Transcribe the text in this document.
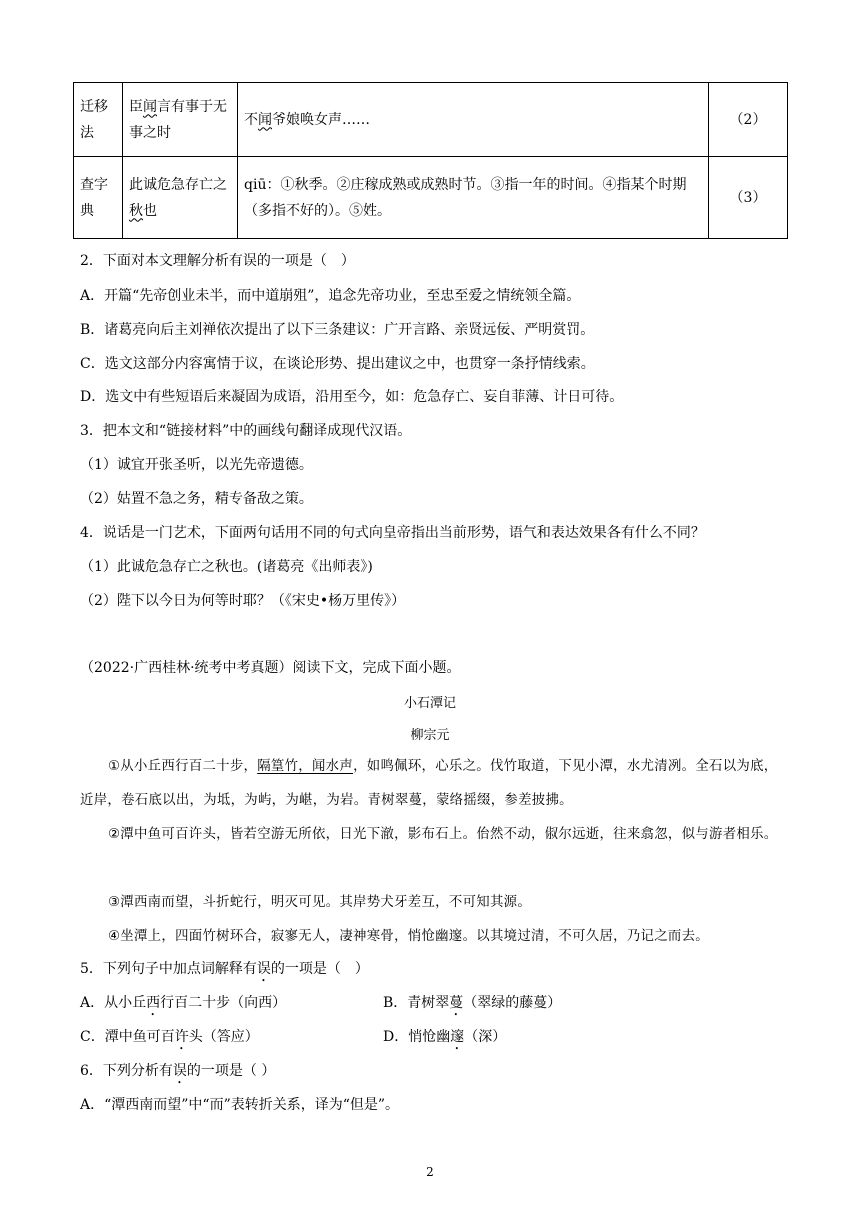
迁移法	臣闻言有事于无事之时	不闻爷娘唤女声……	（2）
查字典	此诚危急存亡之秋也	qiū：①秋季。②庄稼成熟或成熟时节。③指一年的时间。④指某个时期（多指不好的）。⑤姓。	（3）
2．下面对本文理解分析有误的一项是（　）
A．开篇“先帝创业未半，而中道崩殂”，追念先帝功业，至忠至爱之情统领全篇。
B．诸葛亮向后主刘禅依次提出了以下三条建议：广开言路、亲贤远佞、严明赏罚。
C．选文这部分内容寓情于议，在谈论形势、提出建议之中，也贯穿一条抒情线索。
D．选文中有些短语后来凝固为成语，沿用至今，如：危急存亡、妄自菲薄、计日可待。
3．把本文和“链接材料”中的画线句翻译成现代汉语。
（1）诚宜开张圣听，以光先帝遗德。
（2）姑置不急之务，精专备敌之策。
4．说话是一门艺术，下面两句话用不同的句式向皇帝指出当前形势，语气和表达效果各有什么不同？
（1）此诚危急存亡之秋也。(诸葛亮《出师表》)
（2）陛下以今日为何等时耶？（《宋史•杨万里传》）
（2022·广西桂林·统考中考真题）阅读下文，完成下面小题。
小石潭记
柳宗元
①从小丘西行百二十步，隔篁竹，闻水声，如鸣佩环，心乐之。伐竹取道，下见小潭，水尤清冽。全石以为底，近岸，卷石底以出，为坻，为屿，为嵁，为岩。青树翠蔓，蒙络摇缀，参差披拂。
②潭中鱼可百许头，皆若空游无所依，日光下澈，影布石上。佁然不动，俶尔远逝，往来翕忽，似与游者相乐。
③潭西南而望，斗折蛇行，明灭可见。其岸势犬牙差互，不可知其源。
④坐潭上，四面竹树环合，寂寥无人，凄神寒骨，悄怆幽邃。以其境过清，不可久居，乃记之而去。
5．下列句子中加点词解释有误的一项是（　）
A．从小丘西行百二十步（向西）	B．青树翠蔓（翠绿的藤蔓）
C．潭中鱼可百许头（答应）	D．悄怆幽邃（深）
6．下列分析有误的一项是（ ）
A．“潭西南而望”中“而”表转折关系，译为“但是”。
2
